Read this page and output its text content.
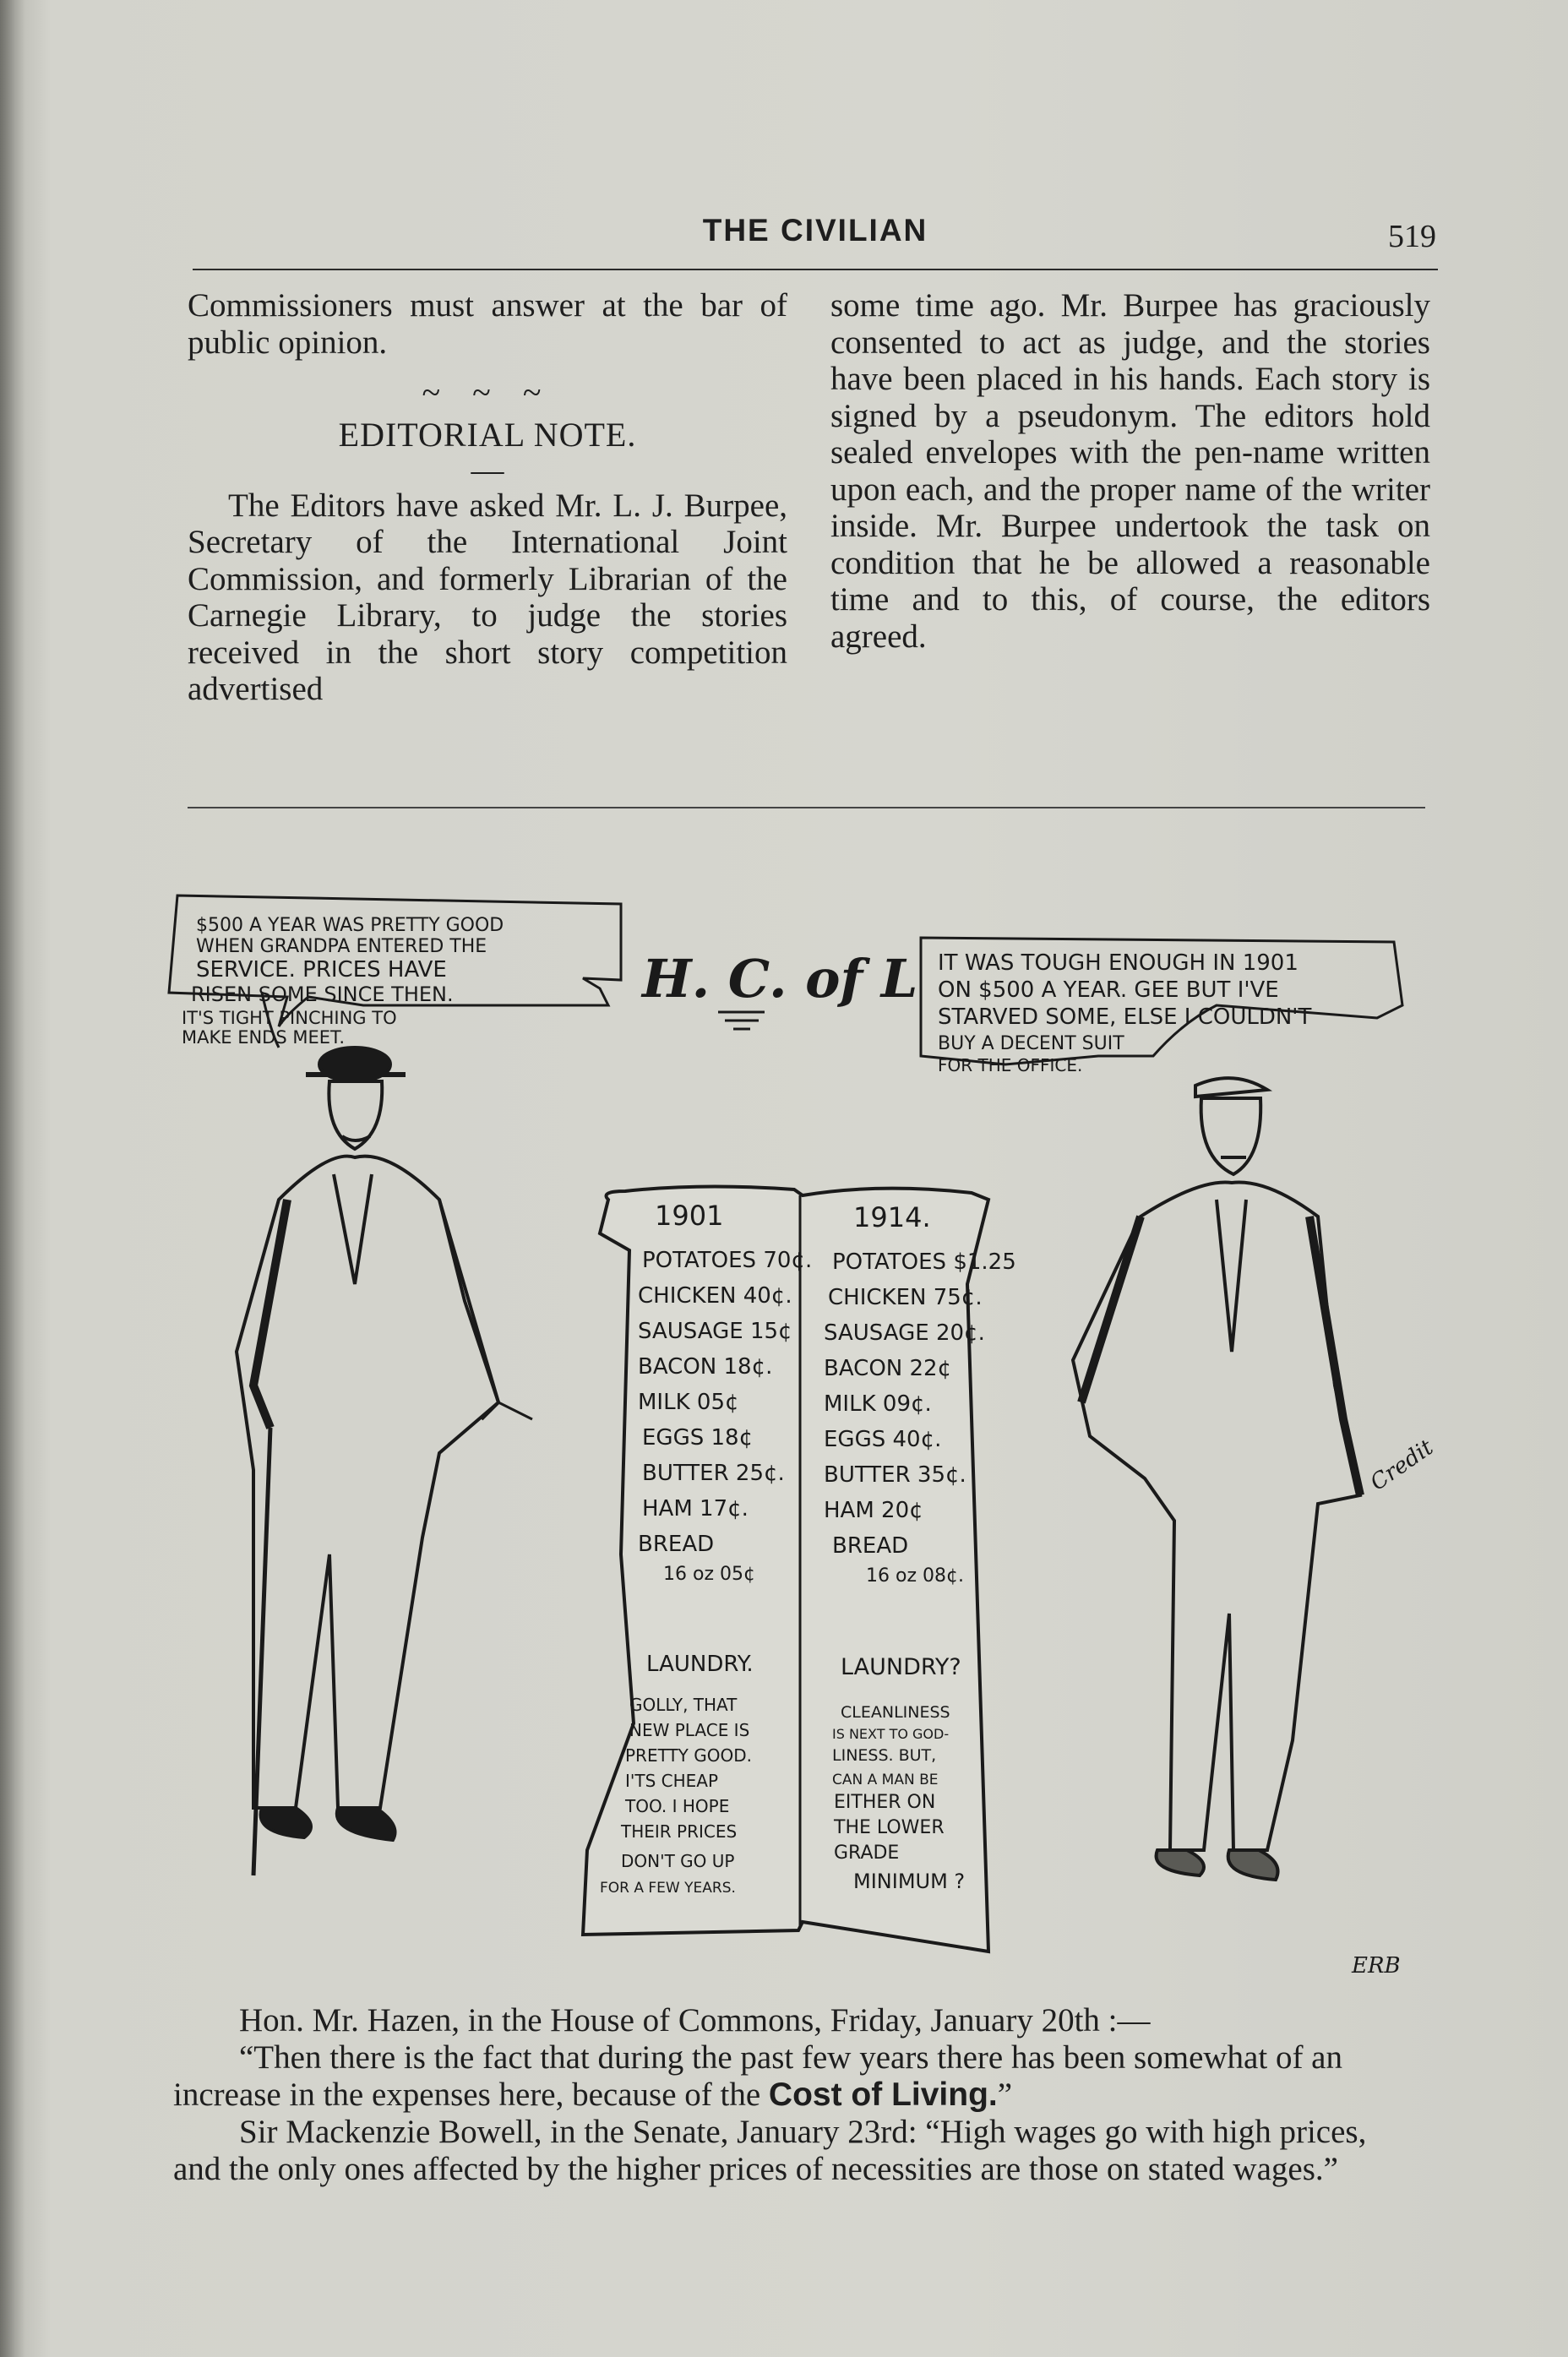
THE CIVILIAN	519

Commissioners must answer at the bar of public opinion.

~ ~ ~

EDITORIAL NOTE.

—

The Editors have asked Mr. L. J. Burpee, Secretary of the International Joint Commission, and formerly Librarian of the Carnegie Library, to judge the stories received in the short story competition advertised

some time ago. Mr. Burpee has graciously consented to act as judge, and the stories have been placed in his hands. Each story is signed by a pseudonym. The editors hold sealed envelopes with the pen-name written upon each, and the proper name of the writer inside. Mr. Burpee undertook the task on condition that he be allowed a reasonable time and to this, of course, the editors agreed.

$500 A YEAR WAS PRETTY GOOD
WHEN GRANDPA ENTERED THE
SERVICE. PRICES HAVE
RISEN SOME SINCE THEN.
IT'S TIGHT PINCHING TO
MAKE ENDS MEET.
H. C. of L IT WAS TOUGH ENOUGH IN 1901
ON $500 A YEAR. GEE BUT I'VE
STARVED SOME, ELSE I COULDN'T
BUY A DECENT SUIT
FOR THE OFFICE.
Credit
1901
POTATOES 70¢.
CHICKEN 40¢.
SAUSAGE 15¢
BACON 18¢.
MILK 05¢
EGGS 18¢
BUTTER 25¢.
HAM 17¢.
BREAD
16 oz 05¢
LAUNDRY.
GOLLY, THAT
NEW PLACE IS
PRETTY GOOD.
I'TS CHEAP
TOO. I HOPE
THEIR PRICES
DON'T GO UP
FOR A FEW YEARS.
1914.
POTATOES $1.25
CHICKEN 75¢.
SAUSAGE 20¢.
BACON 22¢
MILK 09¢.
EGGS 40¢.
BUTTER 35¢.
HAM 20¢
BREAD
16 oz 08¢.
LAUNDRY?
CLEANLINESS
IS NEXT TO GOD-
LINESS. BUT,
CAN A MAN BE
EITHER ON
THE LOWER
GRADE
MINIMUM ?
ERB

Hon. Mr. Hazen, in the House of Commons, Friday, January 20th :—

“Then there is the fact that during the past few years there has been somewhat of an increase in the expenses here, because of the Cost of Living.”

Sir Mackenzie Bowell, in the Senate, January 23rd: “High wages go with high prices, and the only ones affected by the higher prices of necessities are those on stated wages.”
